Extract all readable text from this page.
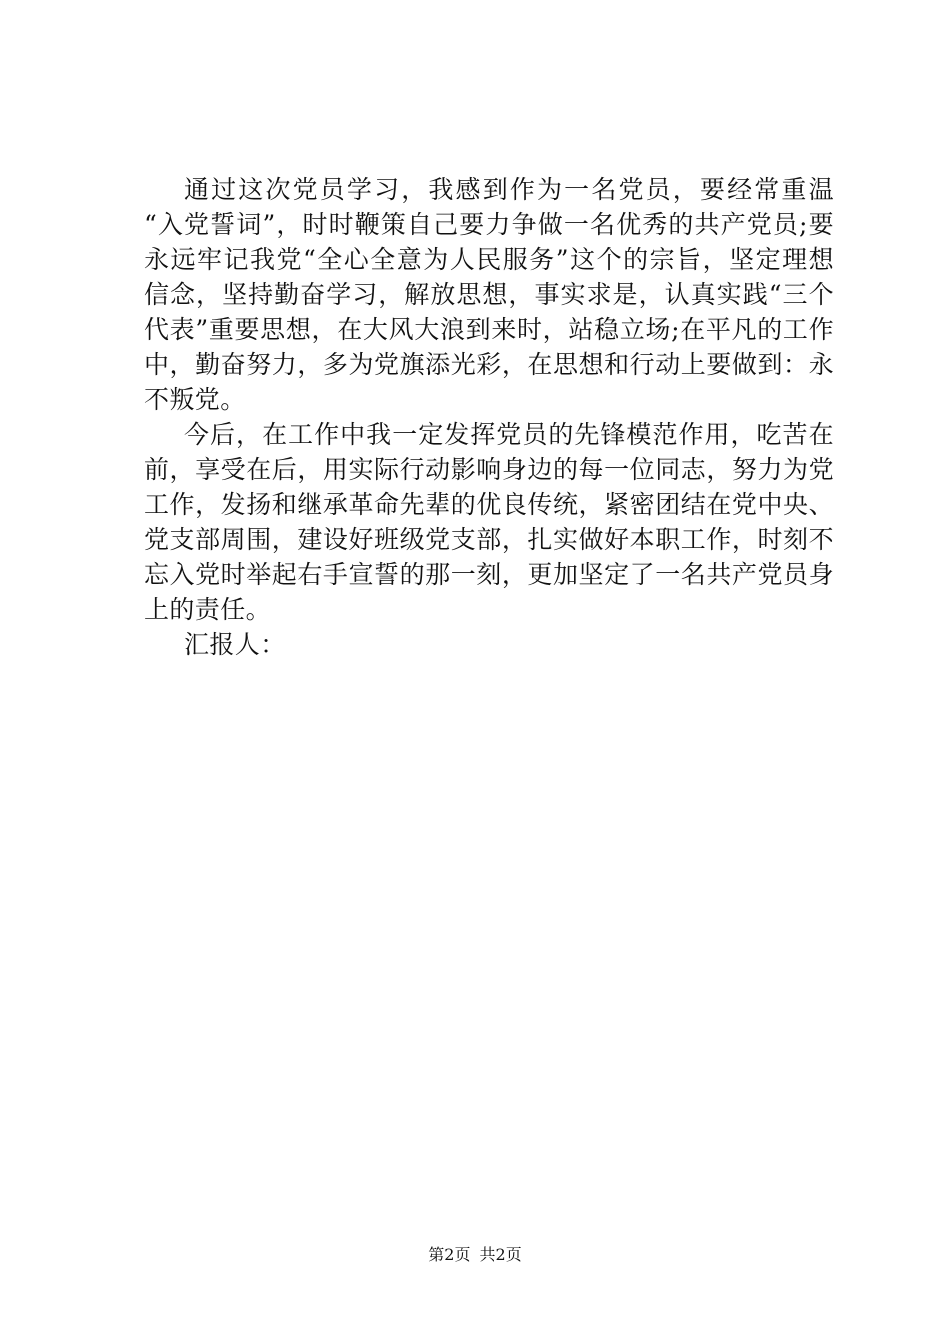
通过这次党员学习，我感到作为一名党员，要经常重温
“入党誓词”，时时鞭策自己要力争做一名优秀的共产党员;要
永远牢记我党“全心全意为人民服务”这个的宗旨，坚定理想
信念，坚持勤奋学习，解放思想，事实求是，认真实践“三个
代表”重要思想，在大风大浪到来时，站稳立场;在平凡的工作
中，勤奋努力，多为党旗添光彩，在思想和行动上要做到：永
不叛党。
今后，在工作中我一定发挥党员的先锋模范作用，吃苦在
前，享受在后，用实际行动影响身边的每一位同志，努力为党
工作，发扬和继承革命先辈的优良传统，紧密团结在党中央、
党支部周围，建设好班级党支部，扎实做好本职工作，时刻不
忘入党时举起右手宣誓的那一刻，更加坚定了一名共产党员身
上的责任。
汇报人：
第2页 共2页
